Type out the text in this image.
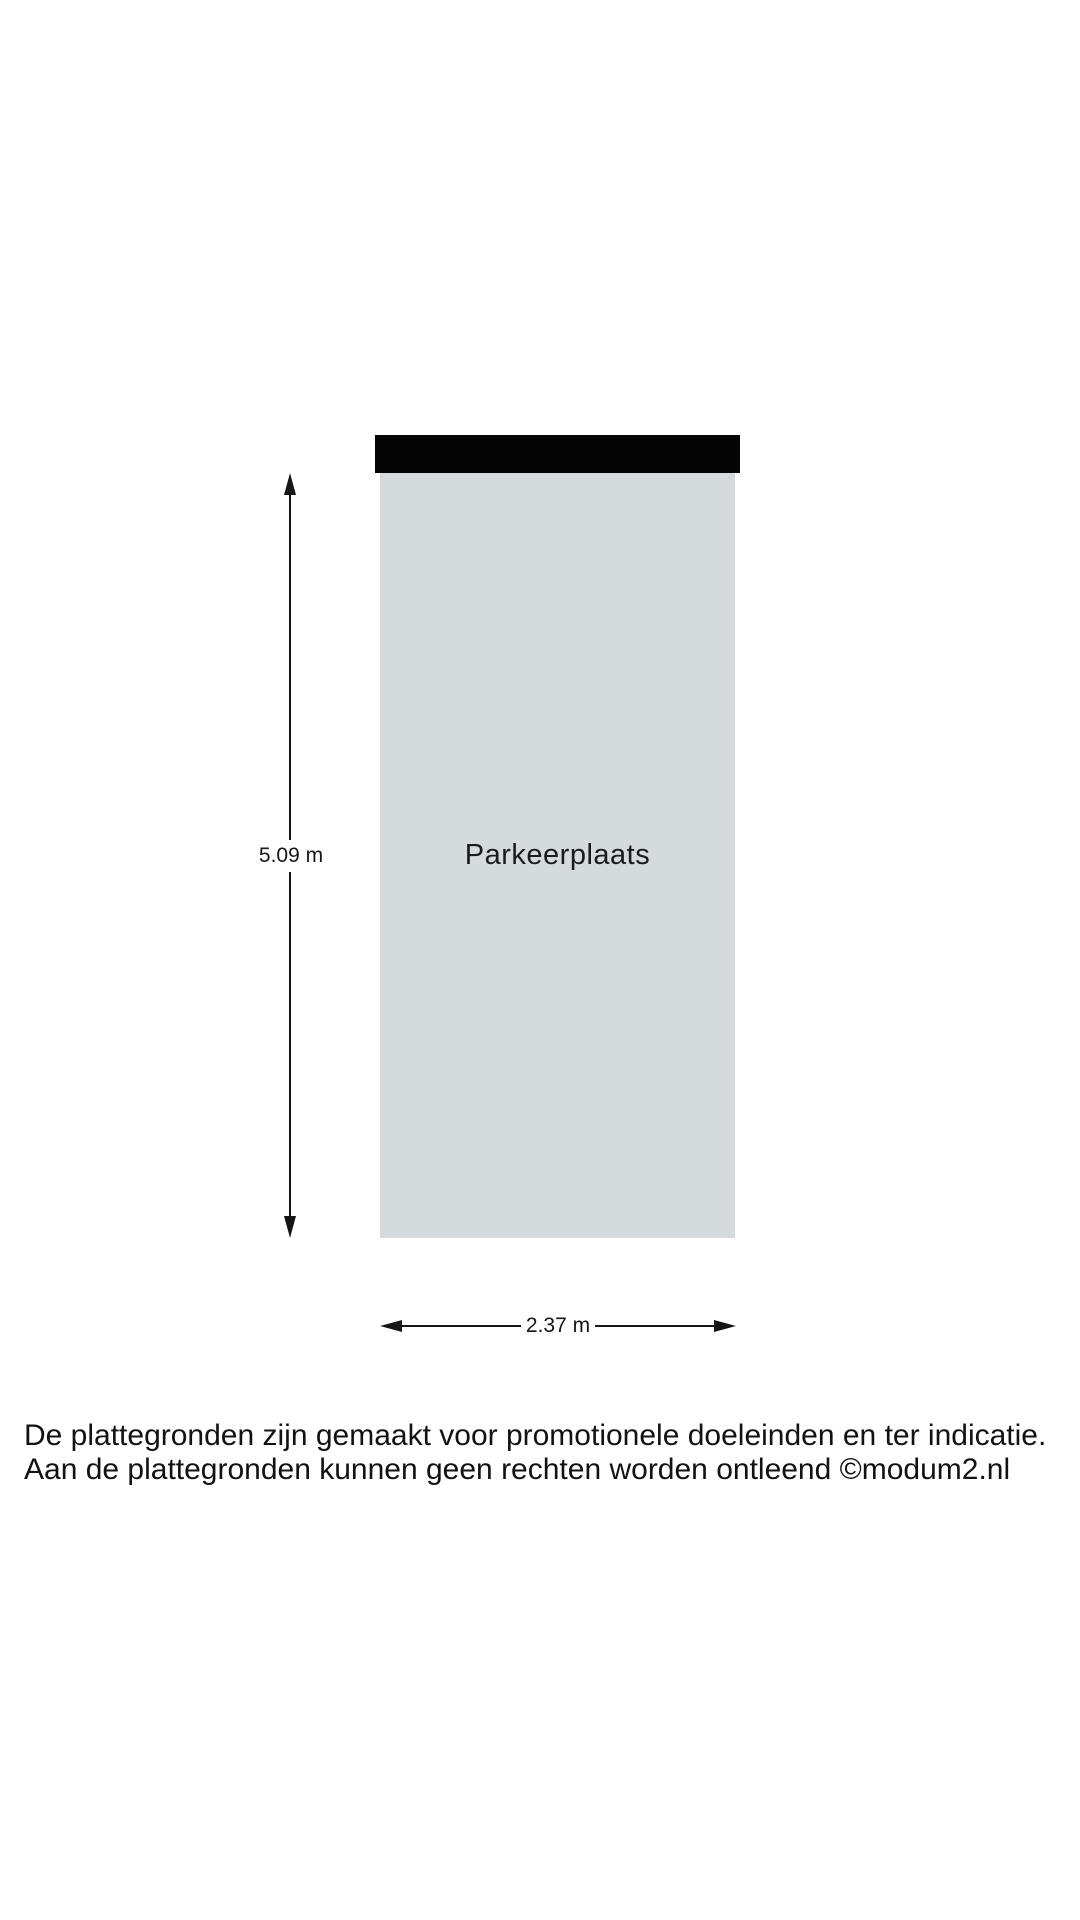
Parkeerplaats
5.09 m
2.37 m
De plattegronden zijn gemaakt voor promotionele doeleinden en ter indicatie.
Aan de plattegronden kunnen geen rechten worden ontleend ©modum2.nl
